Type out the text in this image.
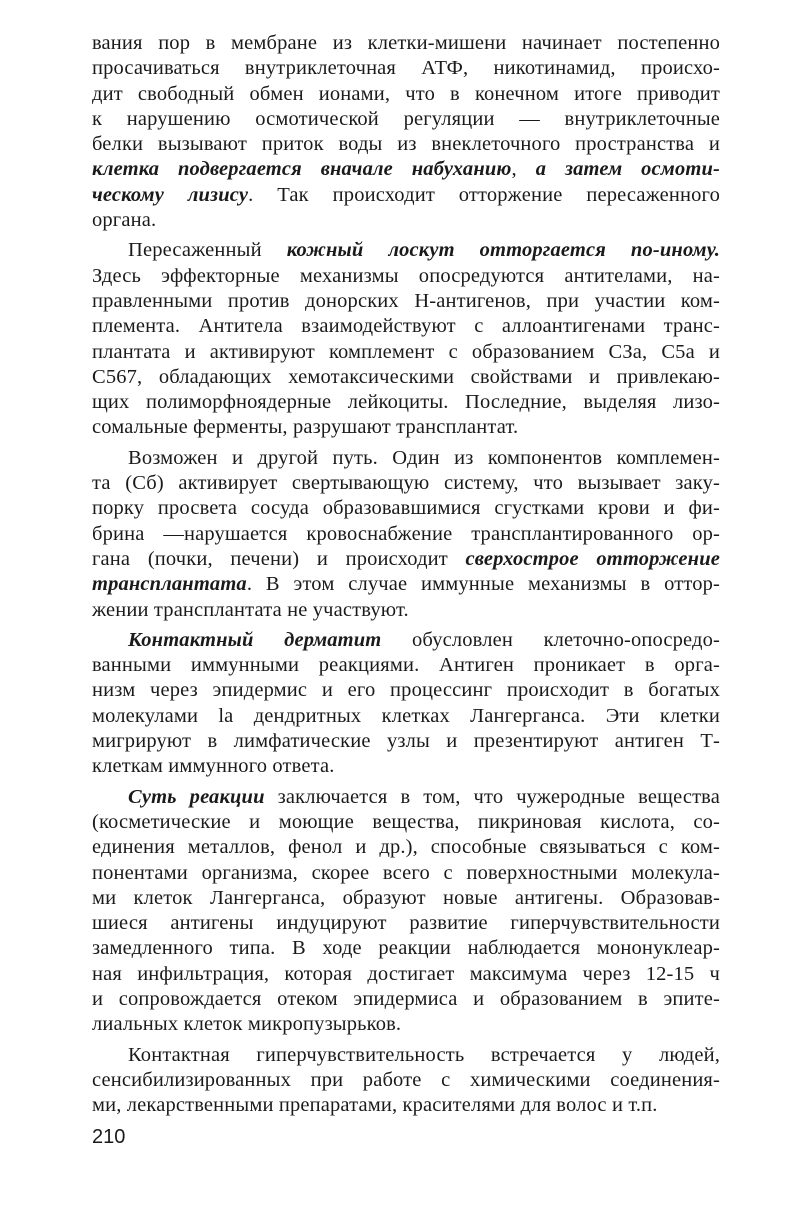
вания пор в мембране из клетки-мишени начинает постепенно
просачиваться внутриклеточная АТФ, никотинамид, происхо-
дит свободный обмен ионами, что в конечном итоге приводит
к нарушению осмотической регуляции — внутриклеточные
белки вызывают приток воды из внеклеточного пространства и
клетка подвергается вначале набуханию, а затем осмоти-
ческому лизису. Так происходит отторжение пересаженного
органа.
Пересаженный кожный лоскут отторгается по-иному.
Здесь эффекторные механизмы опосредуются антителами, на-
правленными против донорских Н-антигенов, при участии ком-
племента. Антитела взаимодействуют с аллоантигенами транс-
плантата и активируют комплемент с образованием СЗа, С5а и
С567, обладающих хемотаксическими свойствами и привлекаю-
щих полиморфноядерные лейкоциты. Последние, выделяя лизо-
сомальные ферменты, разрушают трансплантат.
Возможен и другой путь. Один из компонентов комплемен-
та (Сб) активирует свертывающую систему, что вызывает заку-
порку просвета сосуда образовавшимися сгустками крови и фи-
брина —нарушается кровоснабжение трансплантированного ор-
гана (почки, печени) и происходит сверхострое отторжение
трансплантата. В этом случае иммунные механизмы в оттор-
жении трансплантата не участвуют.
Контактный дерматит обусловлен клеточно-опосредо-
ванными иммунными реакциями. Антиген проникает в орга-
низм через эпидермис и его процессинг происходит в богатых
молекулами la дендритных клетках Лангерганса. Эти клетки
мигрируют в лимфатические узлы и презентируют антиген Т-
клеткам иммунного ответа.
Суть реакции заключается в том, что чужеродные вещества
(косметические и моющие вещества, пикриновая кислота, со-
единения металлов, фенол и др.), способные связываться с ком-
понентами организма, скорее всего с поверхностными молекула-
ми клеток Лангерганса, образуют новые антигены. Образовав-
шиеся антигены индуцируют развитие гиперчувствительности
замедленного типа. В ходе реакции наблюдается мононуклеар-
ная инфильтрация, которая достигает максимума через 12-15 ч
и сопровождается отеком эпидермиса и образованием в эпите-
лиальных клеток микропузырьков.
Контактная гиперчувствительность встречается у людей,
сенсибилизированных при работе с химическими соединения-
ми, лекарственными препаратами, красителями для волос и т.п.
210
